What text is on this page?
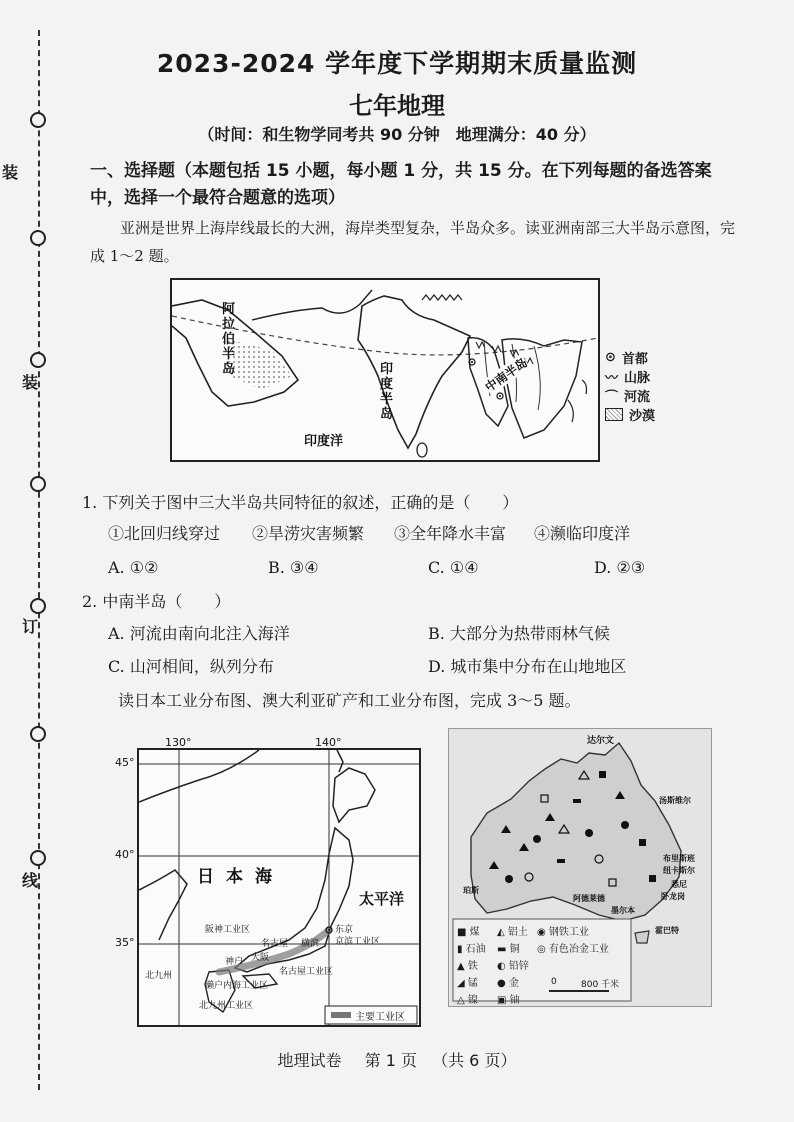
装
装
订
线
2023-2024 学年度下学期期末质量监测
七年地理
（时间：和生物学同考共 90 分钟　地理满分：40 分）
一、选择题（本题包括 15 小题，每小题 1 分，共 15 分。在下列每题的备选答案中，选择一个最符合题意的选项）
亚洲是世界上海岸线最长的大洲，海岸类型复杂，半岛众多。读亚洲南部三大半岛示意图，完成 1～2 题。
阿拉伯半岛	印度半岛
中南半岛
印度洋
⊙ 首都
〰 山脉
⌒ 河流
沙漠
1. 下列关于图中三大半岛共同特征的叙述，正确的是（　　）
①北回归线穿过 ②旱涝灾害频繁 ③全年降水丰富 ④濒临印度洋
A. ①②	B. ③④	C. ①④	D. ②③
2. 中南半岛（　　）
A. 河流由南向北注入海洋	B. 大部分为热带雨林气候
C. 山河相间，纵列分布	D. 城市集中分布在山地地区
读日本工业分布图、澳大利亚矿产和工业分布图，完成 3～5 题。
130°	140°
45°
40°
35°
日本海
太平洋
阪神工业区
名古屋 横滨
东京
京滨工业区
神户 大阪
名古屋工业区
濑户内海工业区
北九州
北九州工业区
主要工业区
达尔文
汤斯维尔
布里斯班
纽卡斯尔
悉尼
卧龙岗
墨尔本
阿德莱德
珀斯
霍巴特
■ 煤	◭ 铝土 ◉ 钢铁工业
▮ 石油	▬ 铜	◎ 有色冶金工业
▲ 铁	◐ 铅锌
◢ 锰	● 金
△ 镍	▣ 铀
0	800 千米
地理试卷 第 1 页 （共 6 页）
